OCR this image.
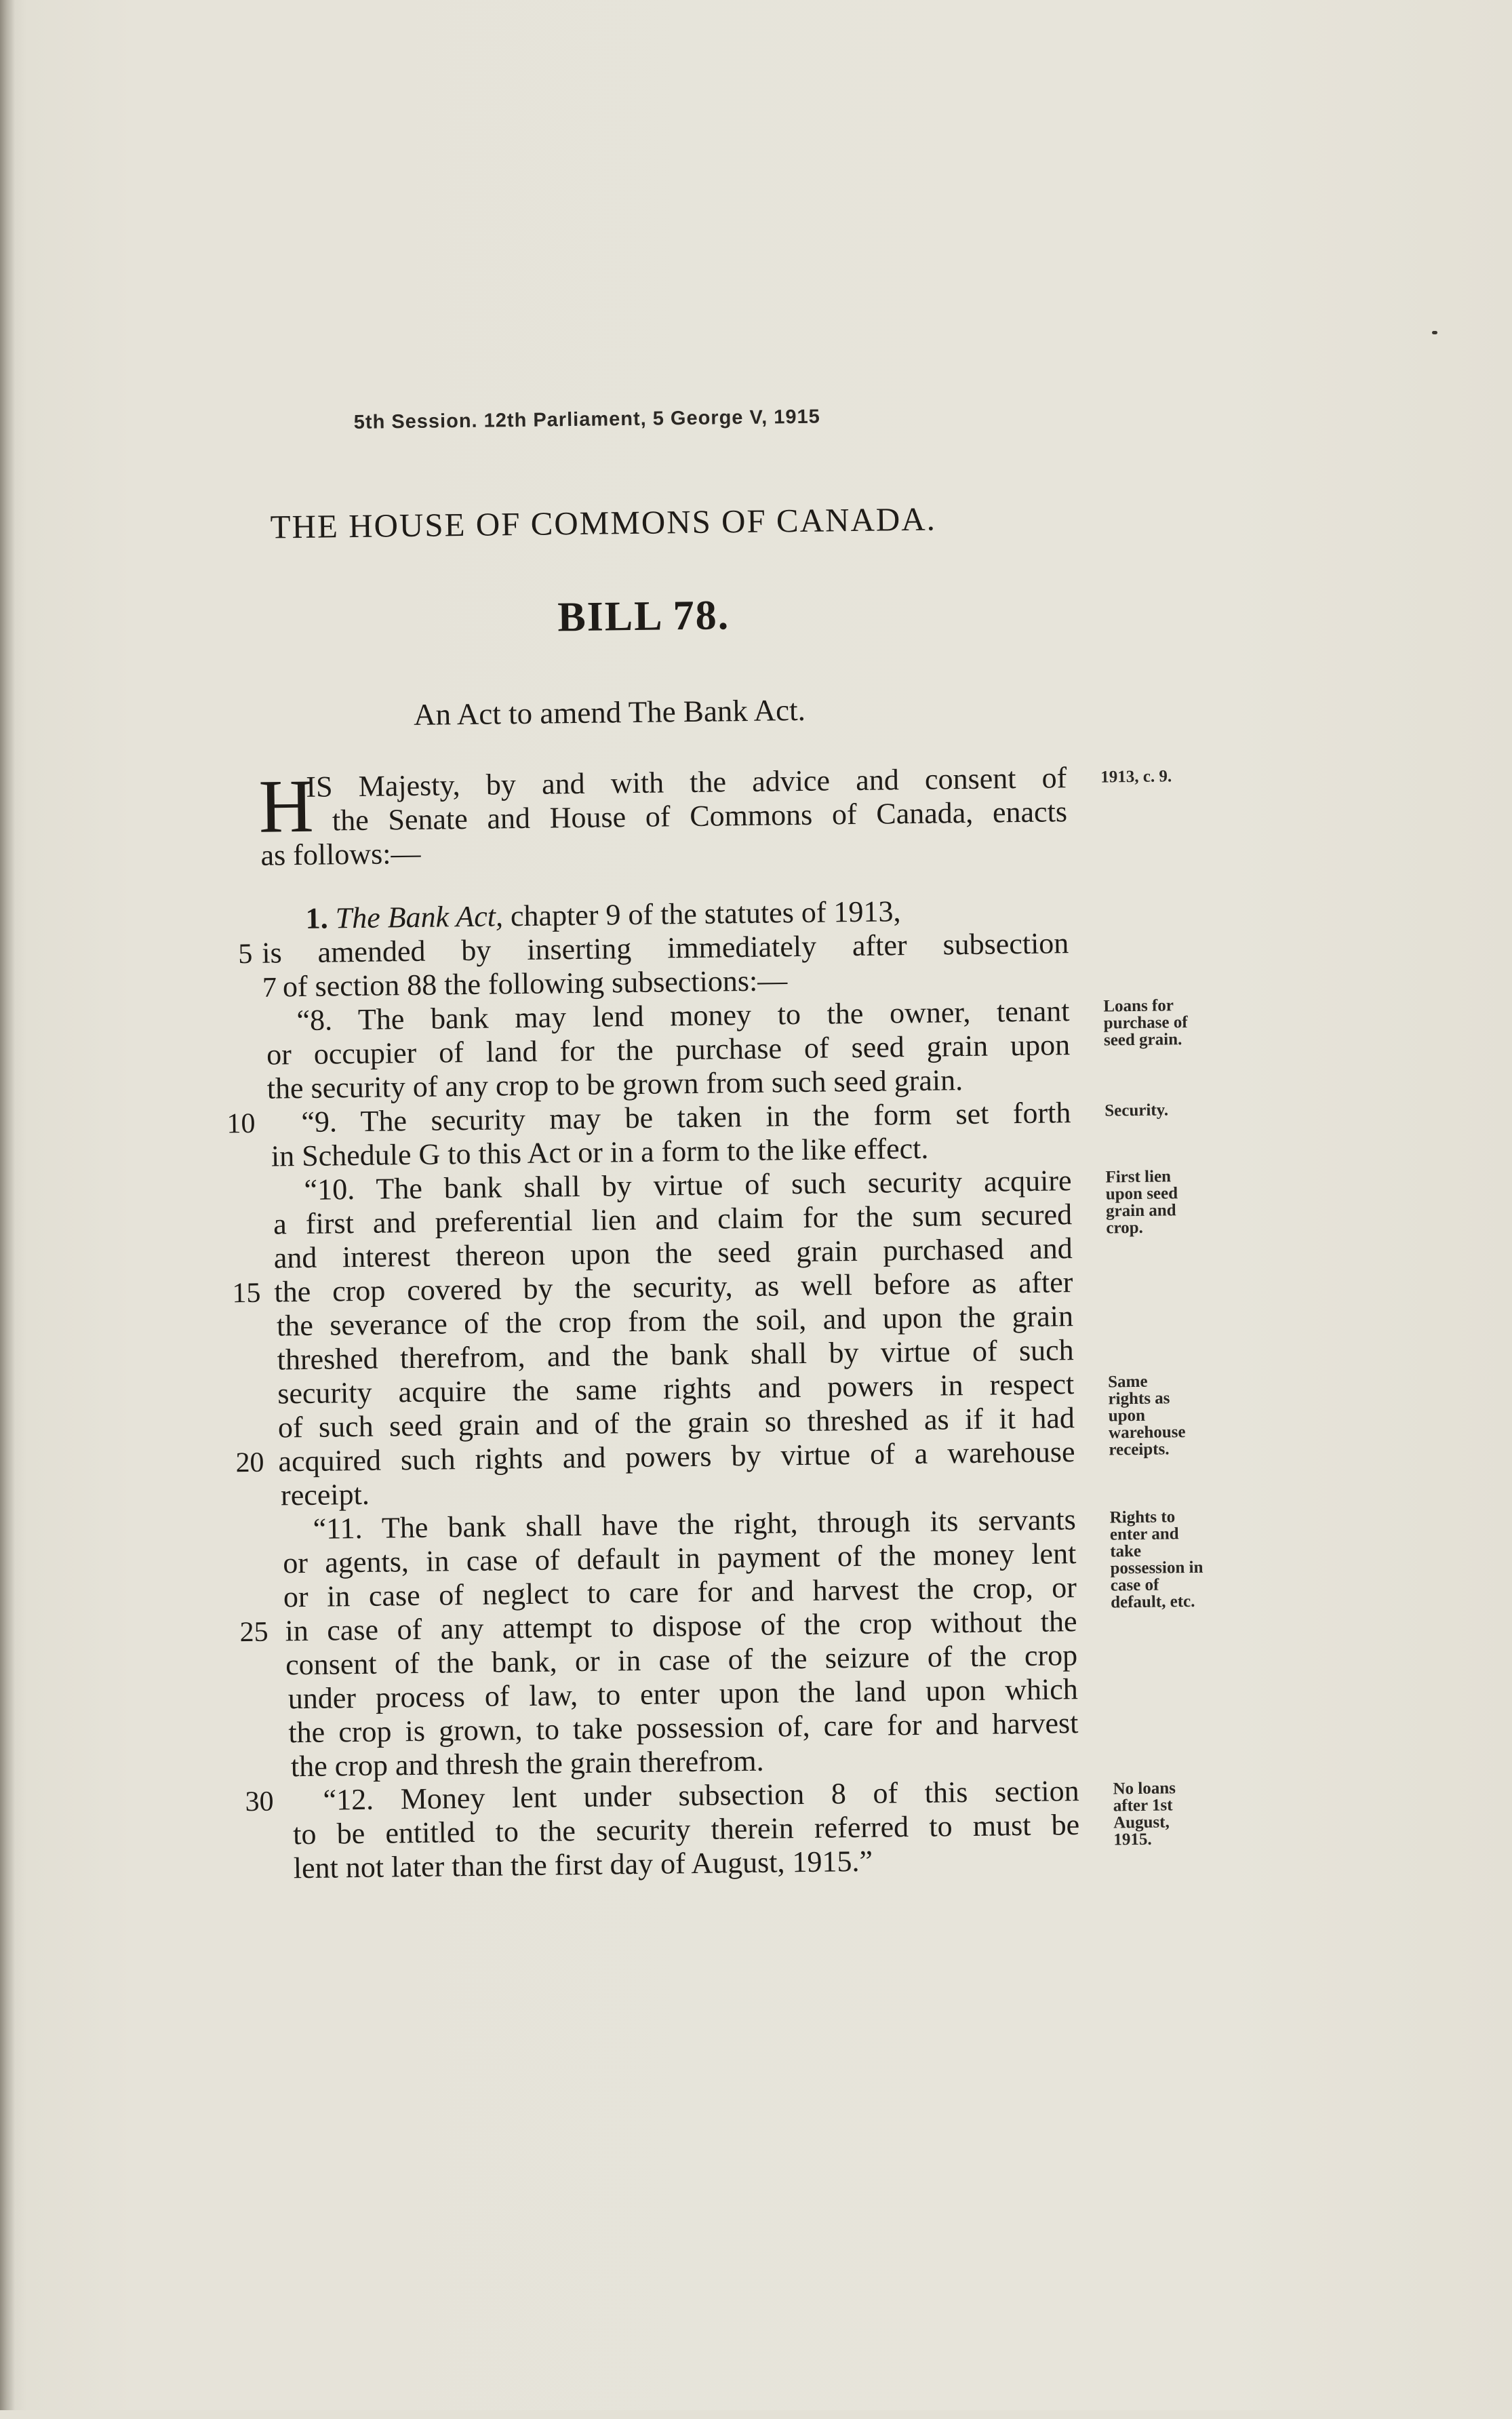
5th Session. 12th Parliament, 5 George V, 1915
THE HOUSE OF COMMONS OF CANADA.
BILL 78.
An Act to amend The Bank Act.
H
IS Majesty, by and with the advice and consent of
the Senate and House of Commons of Canada, enacts
as follows:—
1. The Bank Act, chapter 9 of the statutes of 1913,
is amended by inserting immediately after subsection
of section 88 the following subsections:—
“8. The bank may lend money to the owner, tenant
or occupier of land for the purchase of seed grain upon
the security of any crop to be grown from such seed grain.
“9. The security may be taken in the form set forth
in Schedule G to this Act or in a form to the like effect.
“10. The bank shall by virtue of such security acquire
a first and preferential lien and claim for the sum secured
and interest thereon upon the seed grain purchased and
the crop covered by the security, as well before as after
the severance of the crop from the soil, and upon the grain
threshed therefrom, and the bank shall by virtue of such
security acquire the same rights and powers in respect
of such seed grain and of the grain so threshed as if it had
acquired such rights and powers by virtue of a warehouse
receipt.
“11. The bank shall have the right, through its servants
or agents, in case of default in payment of the money lent
or in case of neglect to care for and harvest the crop, or
in case of any attempt to dispose of the crop without the
consent of the bank, or in case of the seizure of the crop
under process of law, to enter upon the land upon which
the crop is grown, to take possession of, care for and harvest
the crop and thresh the grain therefrom.
“12. Money lent under subsection 8 of this section
to be entitled to the security therein referred to must be
lent not later than the first day of August, 1915.”
5
7
10
15
20
25
30
1913, c. 9.
Loans for
purchase of
seed grain.
Security.
First lien
upon seed
grain and
crop.
Same
rights as
upon
warehouse
receipts.
Rights to
enter and
take
possession in
case of
default, etc.
No loans
after 1st
August,
1915.
